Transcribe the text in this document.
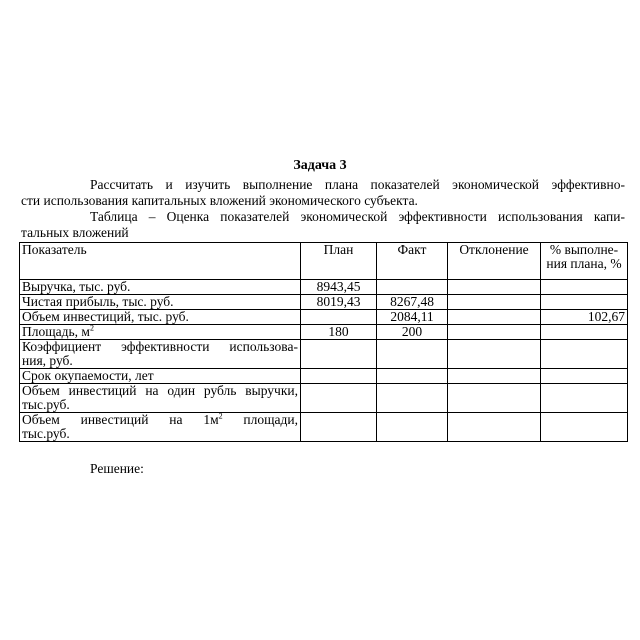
Задача 3
Рассчитать и изучить выполнение плана показателей экономической эффективно-
сти использования капитальных вложений экономического субъекта.
Таблица – Оценка показателей экономической эффективности использования капи-
тальных вложений
Показатель	План	Факт	Отклонение	% выполне-
ния плана, %

Выручка, тыс. руб.	8943,45			
Чистая прибыль, тыс. руб.	8019,43	8267,48		
Объем инвестиций, тыс. руб.		2084,11		102,67
Площадь, $м^2$	180	200		

Коэффициент эффективности использова-
ния, руб.				

Срок окупаемости, лет				

Объем инвестиций на один рубль выручки,
тыс.руб.				

Объем инвестиций на $1м^2$ площади,
тыс.руб.				

Решение:
